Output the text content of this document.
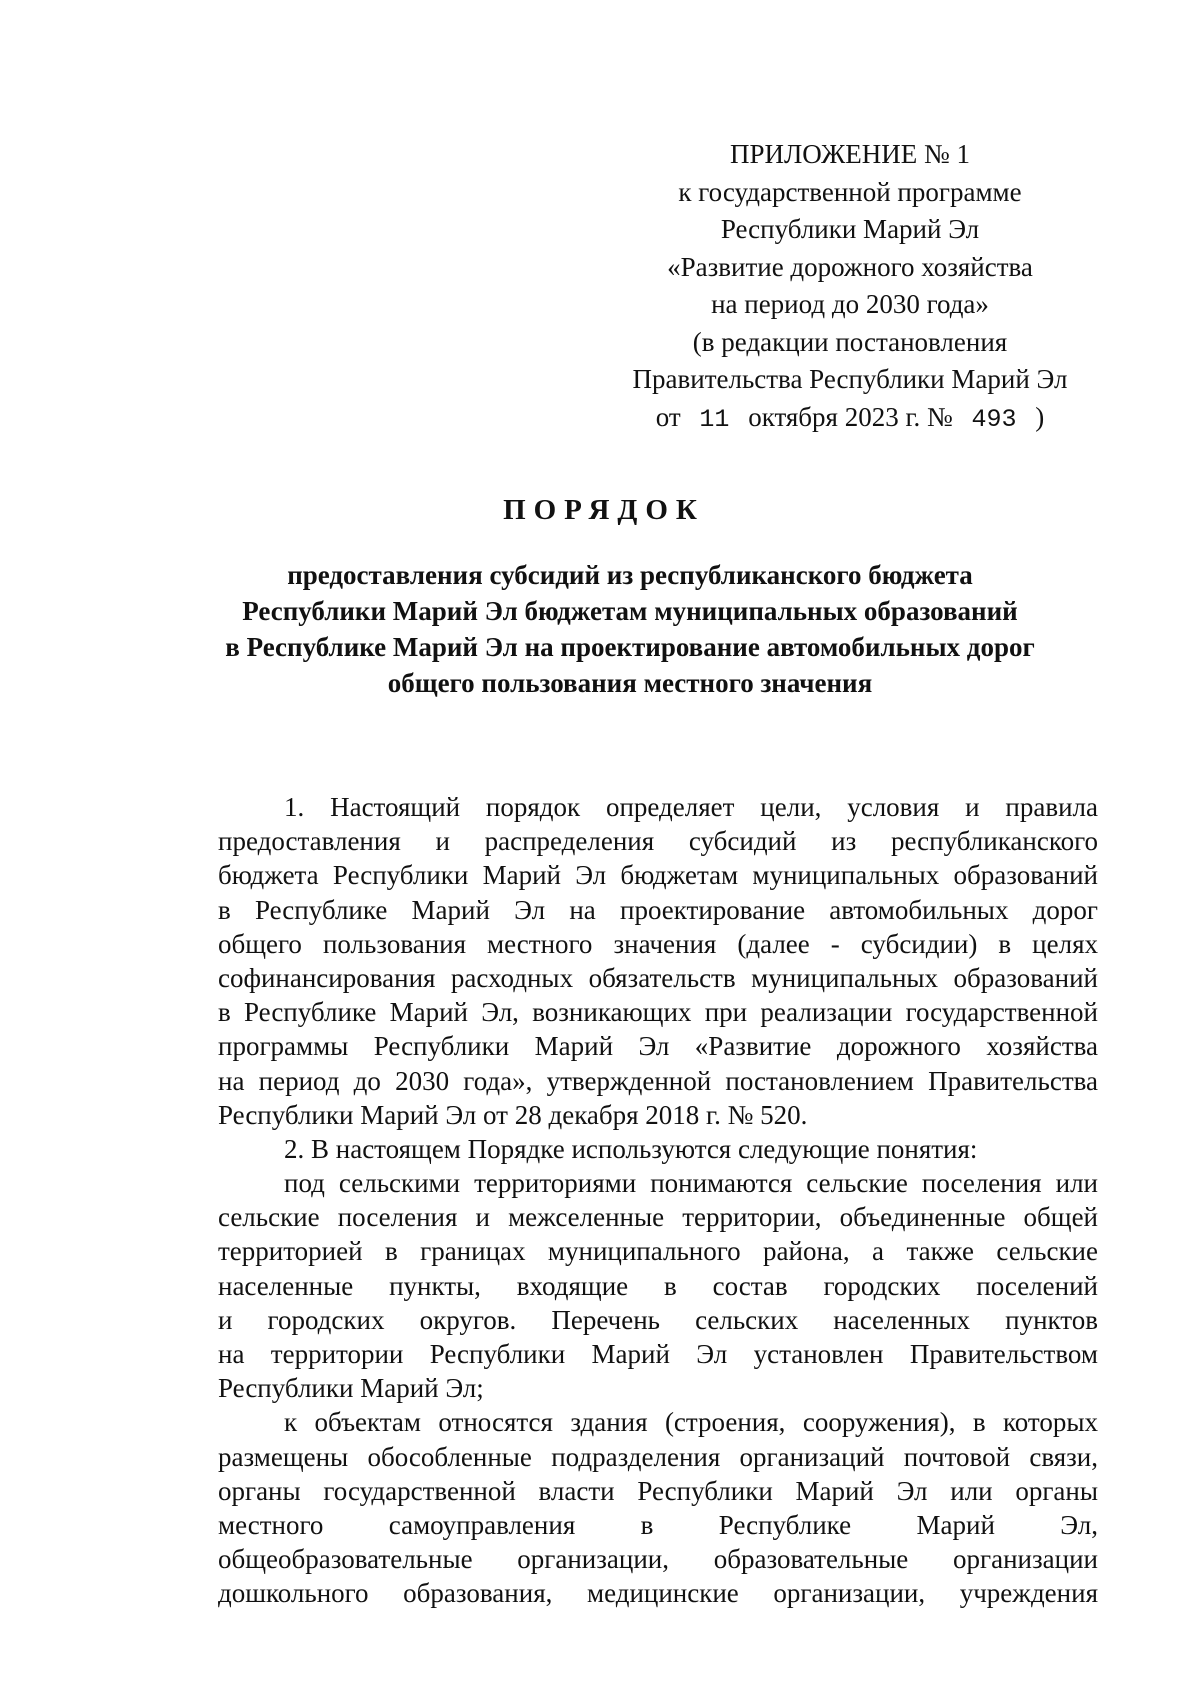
ПРИЛОЖЕНИЕ № 1
к государственной программе
Республики Марий Эл
«Развитие дорожного хозяйства
на период до 2030 года»
(в редакции постановления
Правительства Республики Марий Эл
от 11 октября 2023 г. № 493 )
ПОРЯДОК
предоставления субсидий из республиканского бюджета
Республики Марий Эл бюджетам муниципальных образований
в Республике Марий Эл на проектирование автомобильных дорог
общего пользования местного значения
1. Настоящий порядок определяет цели, условия и правила
предоставления и распределения субсидий из республиканского
бюджета Республики Марий Эл бюджетам муниципальных образований
в Республике Марий Эл на проектирование автомобильных дорог
общего пользования местного значения (далее - субсидии) в целях
софинансирования расходных обязательств муниципальных образований
в Республике Марий Эл, возникающих при реализации государственной
программы Республики Марий Эл «Развитие дорожного хозяйства
на период до 2030 года», утвержденной постановлением Правительства
Республики Марий Эл от 28 декабря 2018 г. № 520.
2. В настоящем Порядке используются следующие понятия:
под сельскими территориями понимаются сельские поселения или
сельские поселения и межселенные территории, объединенные общей
территорией в границах муниципального района, а также сельские
населенные пункты, входящие в состав городских поселений
и городских округов. Перечень сельских населенных пунктов
на территории Республики Марий Эл установлен Правительством
Республики Марий Эл;
к объектам относятся здания (строения, сооружения), в которых
размещены обособленные подразделения организаций почтовой связи,
органы государственной власти Республики Марий Эл или органы
местного самоуправления в Республике Марий Эл,
общеобразовательные организации, образовательные организации
дошкольного образования, медицинские организации, учреждения
